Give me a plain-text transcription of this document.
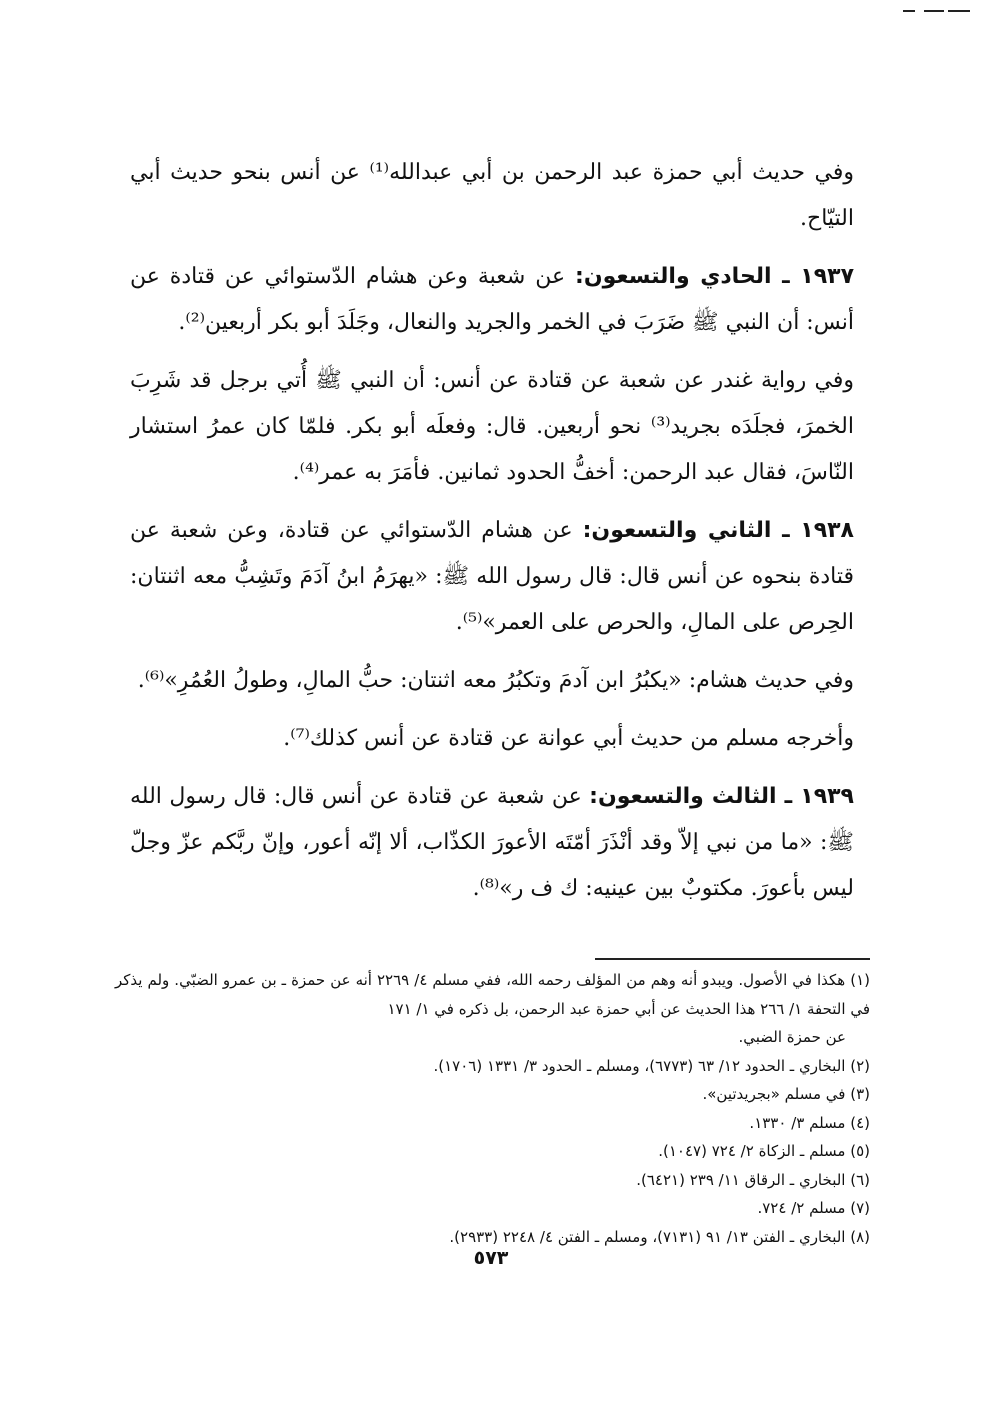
وفي حديث أبي حمزة عبد الرحمن بن أبي عبدالله⁽¹⁾ عن أنس بنحو حديث أبي التيّاح.

١٩٣٧ ـ الحادي والتسعون: عن شعبة وعن هشام الدّستوائي عن قتادة عن أنس: أن النبي ﷺ ضَرَبَ في الخمر والجريد والنعال، وجَلَدَ أبو بكر أربعين⁽²⁾.

وفي رواية غندر عن شعبة عن قتادة عن أنس: أن النبي ﷺ أُتي برجل قد شَرِبَ الخمرَ، فجلَدَه بجريد⁽³⁾ نحو أربعين. قال: وفعلَه أبو بكر. فلمّا كان عمرُ استشار النّاسَ، فقال عبد الرحمن: أخفُّ الحدود ثمانين. فأمَرَ به عمر⁽⁴⁾.

١٩٣٨ ـ الثاني والتسعون: عن هشام الدّستوائي عن قتادة، وعن شعبة عن قتادة بنحوه عن أنس قال: قال رسول الله ﷺ: «يهرَمُ ابنُ آدَمَ وتَشِبُّ معه اثنتان: الحِرص على المالِ، والحرص على العمر»⁽⁵⁾.

وفي حديث هشام: «يكبُرُ ابن آدمَ وتكبُرُ معه اثنتان: حبُّ المالِ، وطولُ العُمُرِ»⁽⁶⁾.

وأخرجه مسلم من حديث أبي عوانة عن قتادة عن أنس كذلك⁽⁷⁾.

١٩٣٩ ـ الثالث والتسعون: عن شعبة عن قتادة عن أنس قال: قال رسول الله ﷺ: «ما من نبي إلاّ وقد أنْذَرَ أمّتَه الأعورَ الكذّاب، ألا إنّه أعور، وإنّ ربَّكم عزّ وجلّ ليس بأعورَ. مكتوبٌ بين عينيه: ك ف ر»⁽⁸⁾.

(١) هكذا في الأصول. ويبدو أنه وهم من المؤلف رحمه الله، ففي مسلم ٤/ ٢٢٦٩ أنه عن حمزة ـ بن عمرو الضبّي. ولم يذكر في التحفة ١/ ٢٦٦ هذا الحديث عن أبي حمزة عبد الرحمن، بل ذكره في ١/ ١٧١

عن حمزة الضبي.

(٢) البخاري ـ الحدود ١٢/ ٦٣ (٦٧٧٣)، ومسلم ـ الحدود ٣/ ١٣٣١ (١٧٠٦).

(٣) في مسلم «بجريدتين».

(٤) مسلم ٣/ ١٣٣٠.

(٥) مسلم ـ الزكاة ٢/ ٧٢٤ (١٠٤٧).

(٦) البخاري ـ الرقاق ١١/ ٢٣٩ (٦٤٢١).

(٧) مسلم ٢/ ٧٢٤.

(٨) البخاري ـ الفتن ١٣/ ٩١ (٧١٣١)، ومسلم ـ الفتن ٤/ ٢٢٤٨ (٢٩٣٣).

٥٧٣
